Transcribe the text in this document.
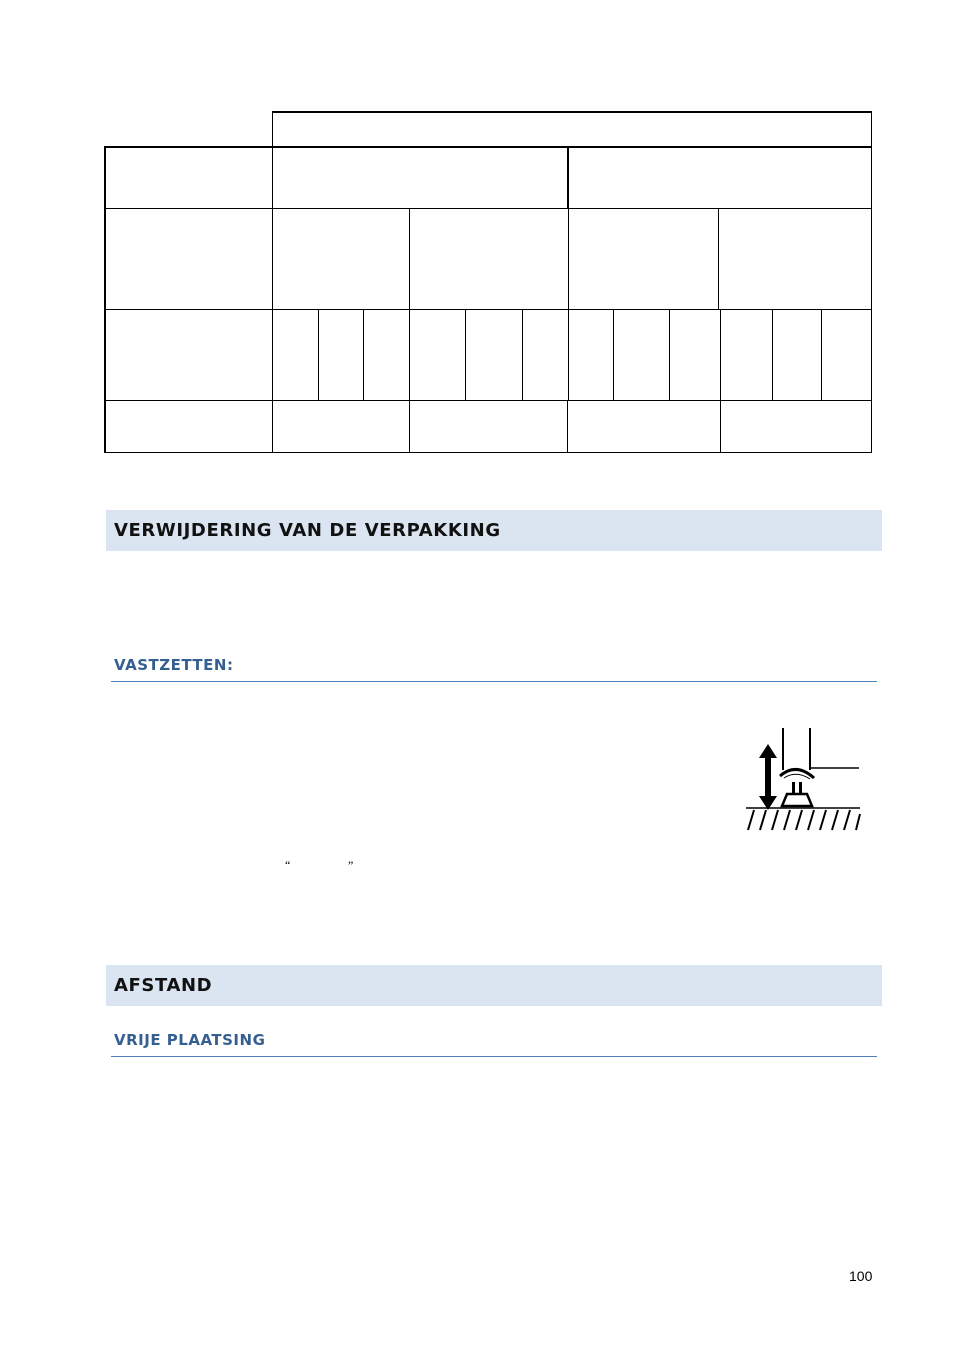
VERWIJDERING VAN DE VERPAKKING
VASTZETTEN:
“	”
AFSTAND
VRIJE PLAATSING
100
